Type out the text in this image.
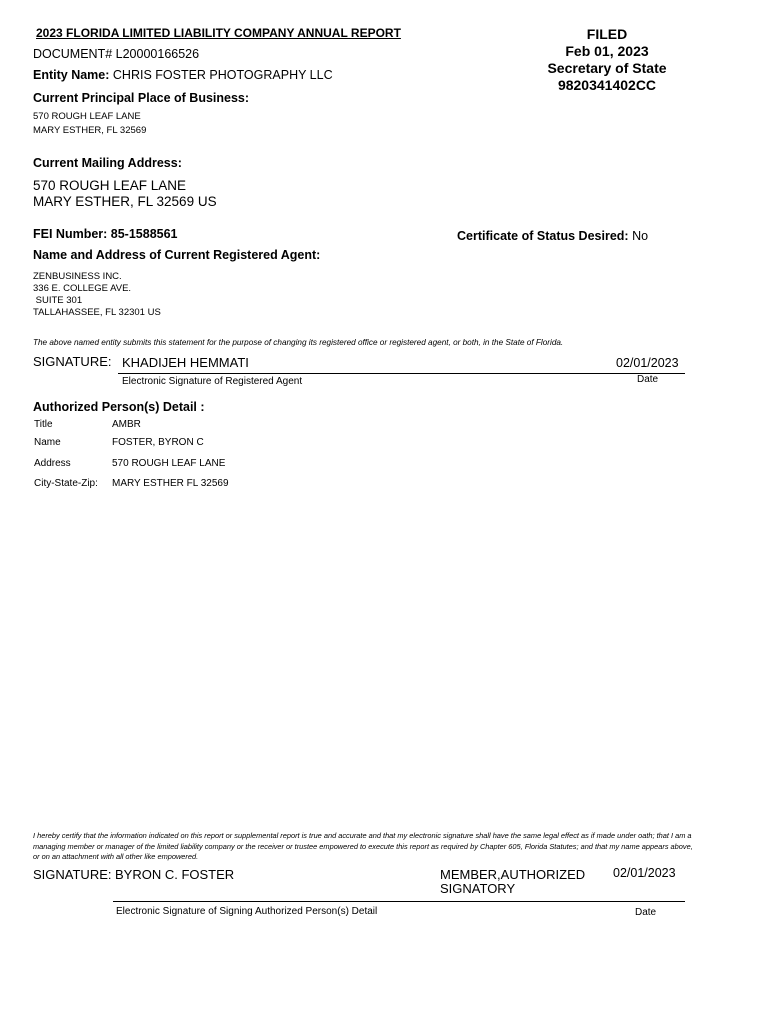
2023 FLORIDA LIMITED LIABILITY COMPANY ANNUAL REPORT
DOCUMENT# L20000166526
Entity Name: CHRIS FOSTER PHOTOGRAPHY LLC
FILED
Feb 01, 2023
Secretary of State
9820341402CC
Current Principal Place of Business:
570 ROUGH LEAF LANE
MARY ESTHER, FL 32569
Current Mailing Address:
570 ROUGH LEAF LANE
MARY ESTHER, FL 32569 US
FEI Number: 85-1588561	Certificate of Status Desired: No
Name and Address of Current Registered Agent:
ZENBUSINESS INC.
336 E. COLLEGE AVE.
SUITE 301
TALLAHASSEE, FL 32301 US
The above named entity submits this statement for the purpose of changing its registered office or registered agent, or both, in the State of Florida.
SIGNATURE: KHADIJEH HEMMATI	02/01/2023
Electronic Signature of Registered Agent	Date
Authorized Person(s) Detail :
Title	AMBR
Name	FOSTER, BYRON C
Address	570 ROUGH LEAF LANE
City-State-Zip: MARY ESTHER FL 32569
I hereby certify that the information indicated on this report or supplemental report is true and accurate and that my electronic signature shall have the same legal effect as if made under oath; that I am a managing member or manager of the limited liability company or the receiver or trustee empowered to execute this report as required by Chapter 605, Florida Statutes; and that my name appears above, or on an attachment with all other like empowered.
SIGNATURE: BYRON C. FOSTER	MEMBER,AUTHORIZED
SIGNATORY
02/01/2023
Electronic Signature of Signing Authorized Person(s) Detail	Date
